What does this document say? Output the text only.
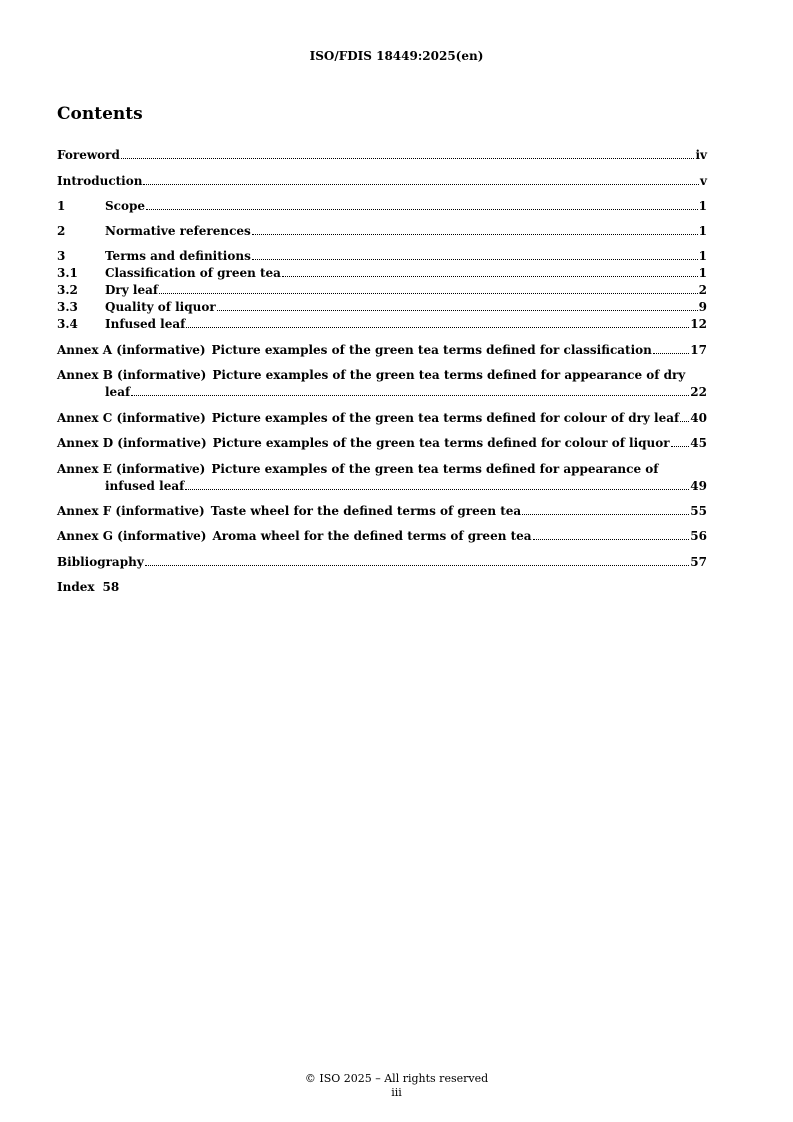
ISO/FDIS 18449:2025(en)
Contents
Foreword	iv
Introduction	v
1	Scope	1
2	Normative references	1
3	Terms and definitions	1
3.1	Classification of green tea	1
3.2	Dry leaf	2
3.3	Quality of liquor	9
3.4	Infused leaf	12
Annex A (informative) Picture examples of the green tea terms defined for classification	17
Annex B (informative) Picture examples of the green tea terms defined for appearance of dry
leaf	22
Annex C (informative) Picture examples of the green tea terms defined for colour of dry leaf 40
Annex D (informative) Picture examples of the green tea terms defined for colour of liquor 45
Annex E (informative) Picture examples of the green tea terms defined for appearance of
infused leaf	49
Annex F (informative) Taste wheel for the defined terms of green tea	55
Annex G (informative) Aroma wheel for the defined terms of green tea	56
Bibliography	57
Index 58
© ISO 2025 – All rights reserved
iii
